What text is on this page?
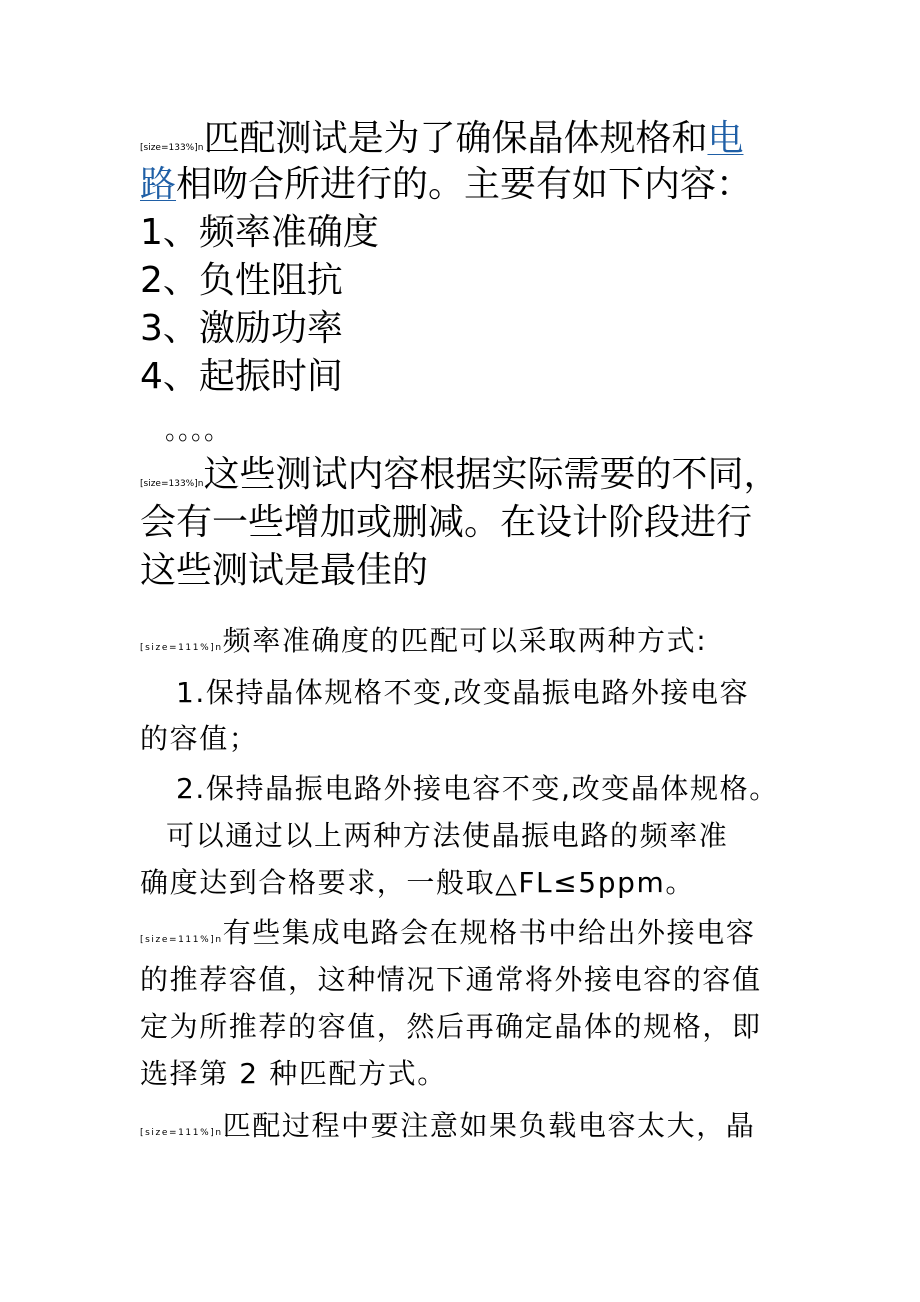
[size=133%]n匹配测试是为了确保晶体规格和电
路相吻合所进行的。主要有如下内容：
1、频率准确度
2、负性阻抗
3、激励功率
4、起振时间
。。。。
[size=133%]n这些测试内容根据实际需要的不同，
会有一些增加或删减。在设计阶段进行
这些测试是最佳的
[size=111%]n频率准确度的匹配可以采取两种方式:
1.保持晶体规格不变,改变晶振电路外接电容
的容值；
2.保持晶振电路外接电容不变,改变晶体规格。
可以通过以上两种方法使晶振电路的频率准
确度达到合格要求，一般取△FL≤5ppm。
[size=111%]n有些集成电路会在规格书中给出外接电容
的推荐容值，这种情况下通常将外接电容的容值
定为所推荐的容值，然后再确定晶体的规格，即
选择第 2 种匹配方式。
[size=111%]n匹配过程中要注意如果负载电容太大，晶
